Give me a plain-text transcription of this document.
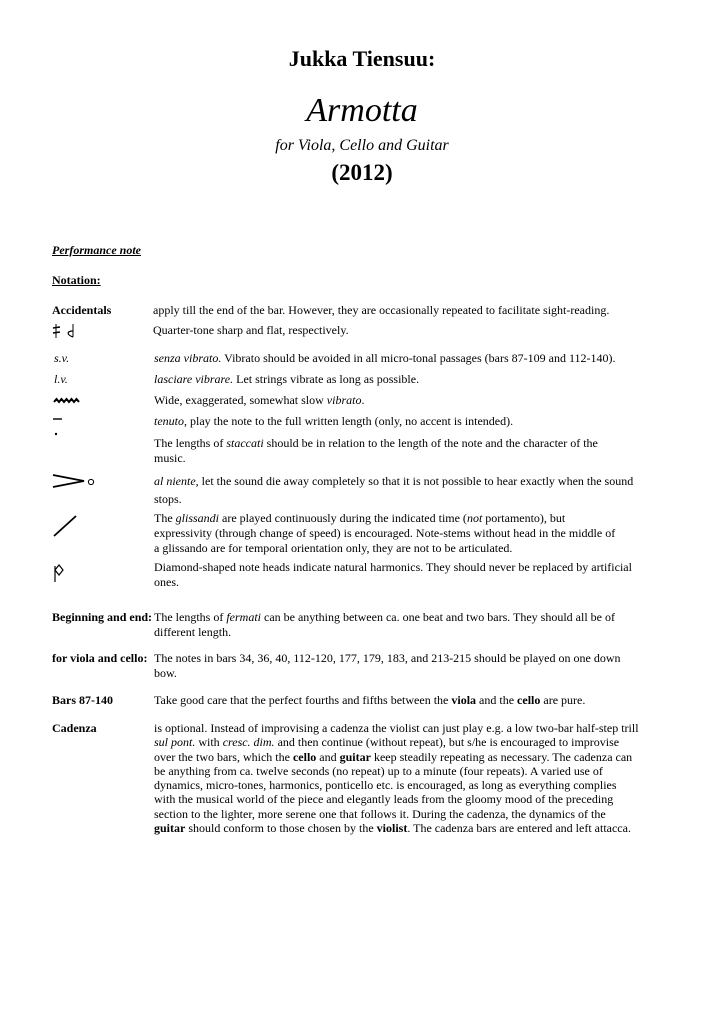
Jukka Tiensuu:
Armotta
for Viola, Cello and Guitar
(2012)
Performance note
Notation:
Accidentals	apply till the end of the bar. However, they are occasionally repeated to facilitate sight-reading.
Quarter-tone sharp and flat, respectively.
s.v.	senza vibrato. Vibrato should be avoided in all micro-tonal passages (bars 87-109 and 112-140).
l.v.	lasciare vibrare. Let strings vibrate as long as possible.
Wide, exaggerated, somewhat slow vibrato.
tenuto, play the note to the full written length (only, no accent is intended).
The lengths of staccati should be in relation to the length of the note and the character of the
music.
al niente, let the sound die away completely so that it is not possible to hear exactly when the sound
stops.
The glissandi are played continuously during the indicated time (not portamento), but
expressivity (through change of speed) is encouraged. Note-stems without head in the middle of
a glissando are for temporal orientation only, they are not to be articulated.
Diamond-shaped note heads indicate natural harmonics. They should never be replaced by artificial
ones.
Beginning and end: The lengths of fermati can be anything between ca. one beat and two bars. They should all be of
different length.
for viola and cello: The notes in bars 34, 36, 40, 112-120, 177, 179, 183, and 213-215 should be played on one down
bow.
Bars 87-140	Take good care that the perfect fourths and fifths between the viola and the cello are pure.
Cadenza	is optional. Instead of improvising a cadenza the violist can just play e.g. a low two-bar half-step trill
sul pont. with cresc. dim. and then continue (without repeat), but s/he is encouraged to improvise
over the two bars, which the cello and guitar keep steadily repeating as necessary. The cadenza can
be anything from ca. twelve seconds (no repeat) up to a minute (four repeats). A varied use of
dynamics, micro-tones, harmonics, ponticello etc. is encouraged, as long as everything complies
with the musical world of the piece and elegantly leads from the gloomy mood of the preceding
section to the lighter, more serene one that follows it. During the cadenza, the dynamics of the
guitar should conform to those chosen by the violist. The cadenza bars are entered and left attacca.
